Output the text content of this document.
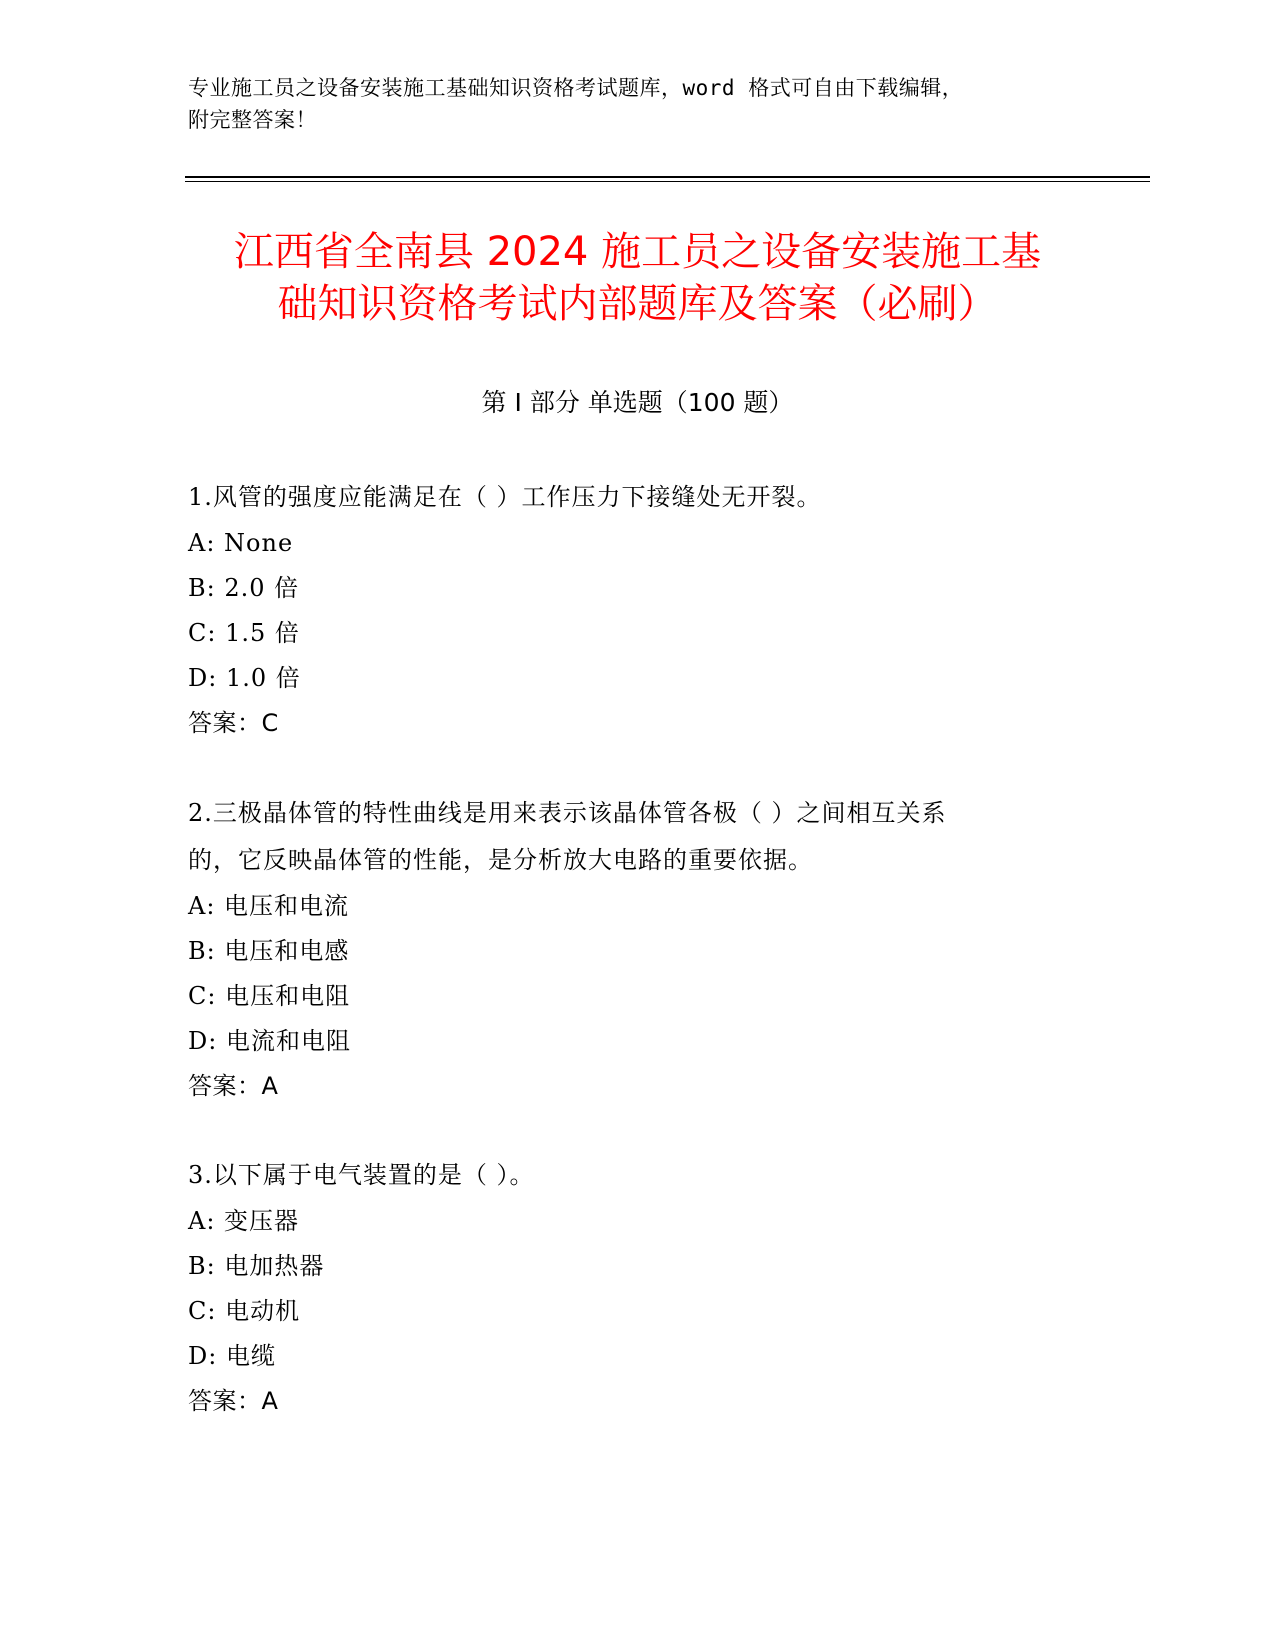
专业施工员之设备安装施工基础知识资格考试题库，word 格式可自由下载编辑，
附完整答案！
江西省全南县 2024 施工员之设备安装施工基
础知识资格考试内部题库及答案（必刷）
第 I 部分 单选题（100 题）
1.风管的强度应能满足在（ ）工作压力下接缝处无开裂。
A: None
B: 2.0 倍
C: 1.5 倍
D: 1.0 倍
答案：C
2.三极晶体管的特性曲线是用来表示该晶体管各极（ ）之间相互关系
的，它反映晶体管的性能，是分析放大电路的重要依据。
A: 电压和电流
B: 电压和电感
C: 电压和电阻
D: 电流和电阻
答案：A
3.以下属于电气装置的是（ ）。
A: 变压器
B: 电加热器
C: 电动机
D: 电缆
答案：A
